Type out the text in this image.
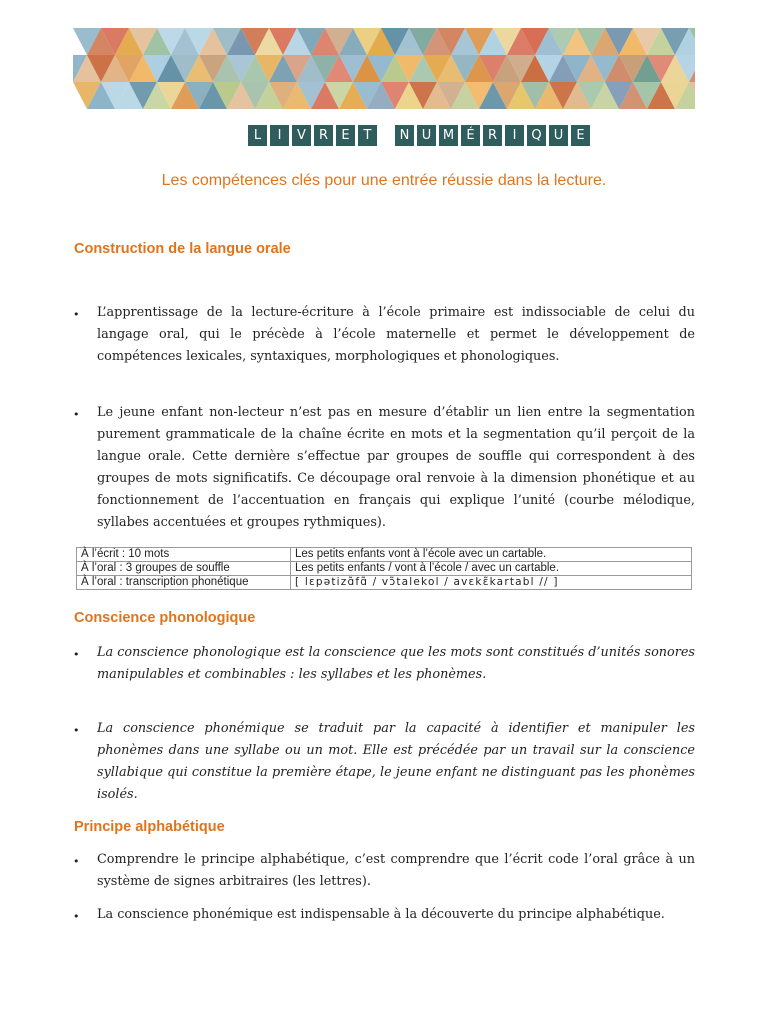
L	I	V	R	E	T	N U M É	R	I	Q U	E
Les compétences clés pour une entrée réussie dans la lecture.
Construction de la langue orale
• L’apprentissage de la lecture-écriture à l’école primaire est indissociable de celui du langage oral, qui le précède à l’école maternelle et permet le développement de compétences lexicales, syntaxiques, morphologiques et phonologiques.

• Le jeune enfant non-lecteur n’est pas en mesure d’établir un lien entre la segmentation purement grammaticale de la chaîne écrite en mots et la segmentation qu’il perçoit de la langue orale. Cette dernière s’effectue par groupes de souffle qui correspondent à des groupes de mots significatifs. Ce découpage oral renvoie à la dimension phonétique et au fonctionnement de l’accentuation en français qui explique l’unité (courbe mélodique, syllabes accentuées et groupes rythmiques).

À l’écrit : 10 mots	Les petits enfants vont à l’école avec un cartable.
À l’oral : 3 groupes de souffle	Les petits enfants / vont à l’école / avec un cartable.
À l’oral : transcription phonétique	[ lɛpətizɑ̃fɑ̃ / vɔ̃talekol / avɛkɛ̃kartabl // ]
Conscience phonologique
• La conscience phonologique est la conscience que les mots sont constitués d’unités sonores manipulables et combinables : les syllabes et les phonèmes.

• La conscience phonémique se traduit par la capacité à identifier et manipuler les phonèmes dans une syllabe ou un mot. Elle est précédée par un travail sur la conscience syllabique qui constitue la première étape, le jeune enfant ne distinguant pas les phonèmes isolés.

Principe alphabétique
• Comprendre le principe alphabétique, c’est comprendre que l’écrit code l’oral grâce à un système de signes arbitraires (les lettres).

• La conscience phonémique est indispensable à la découverte du principe alphabétique.
